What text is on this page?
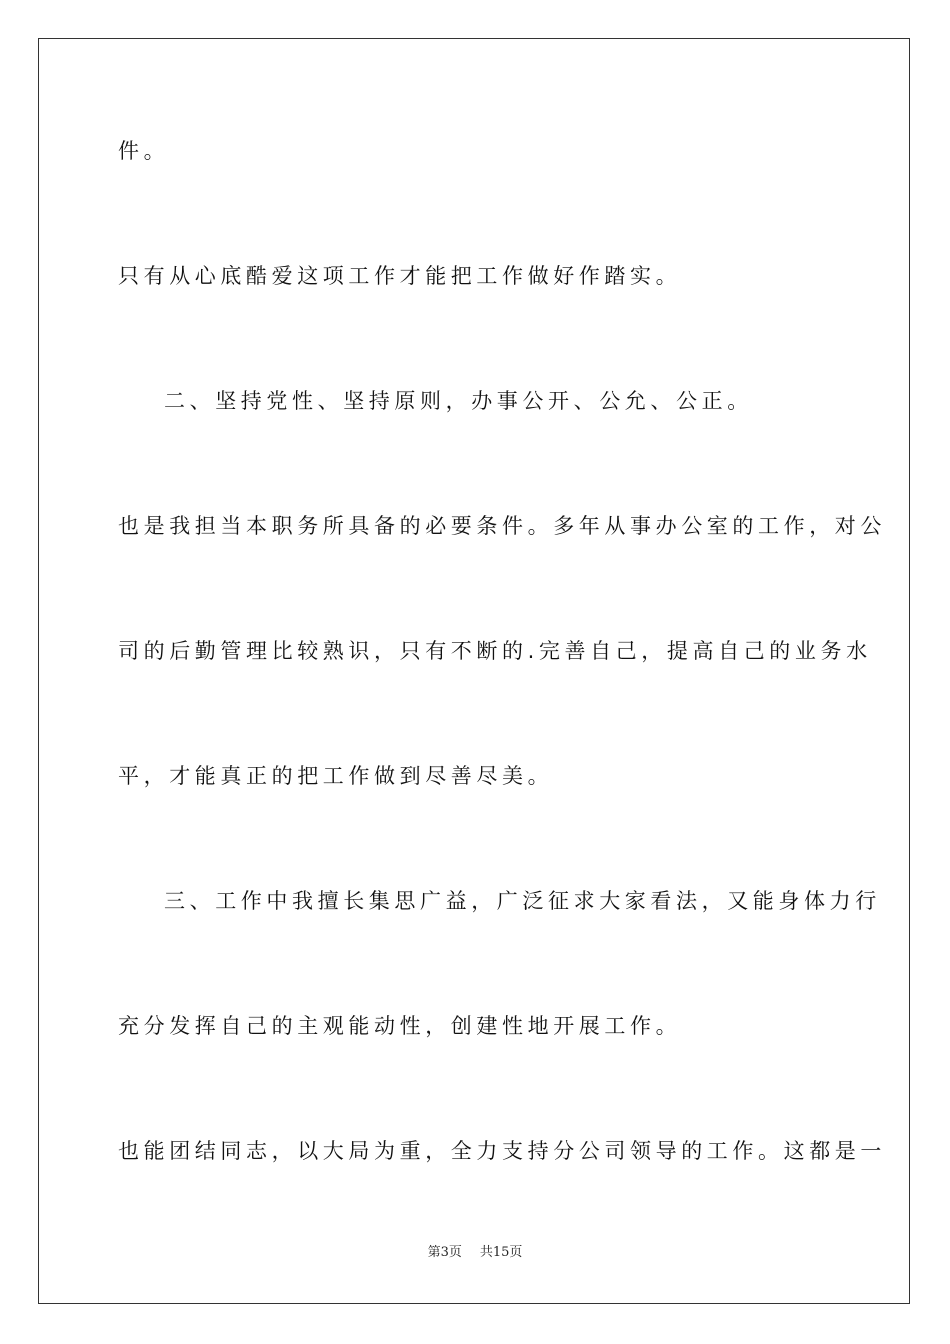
件。
只有从心底酷爱这项工作才能把工作做好作踏实。
二、坚持党性、坚持原则，办事公开、公允、公正。
也是我担当本职务所具备的必要条件。多年从事办公室的工作，对公
司的后勤管理比较熟识，只有不断的.完善自己，提高自己的业务水
平，才能真正的把工作做到尽善尽美。
三、工作中我擅长集思广益，广泛征求大家看法，又能身体力行
充分发挥自己的主观能动性，创建性地开展工作。
也能团结同志，以大局为重，全力支持分公司领导的工作。这都是一
第3页 共15页
